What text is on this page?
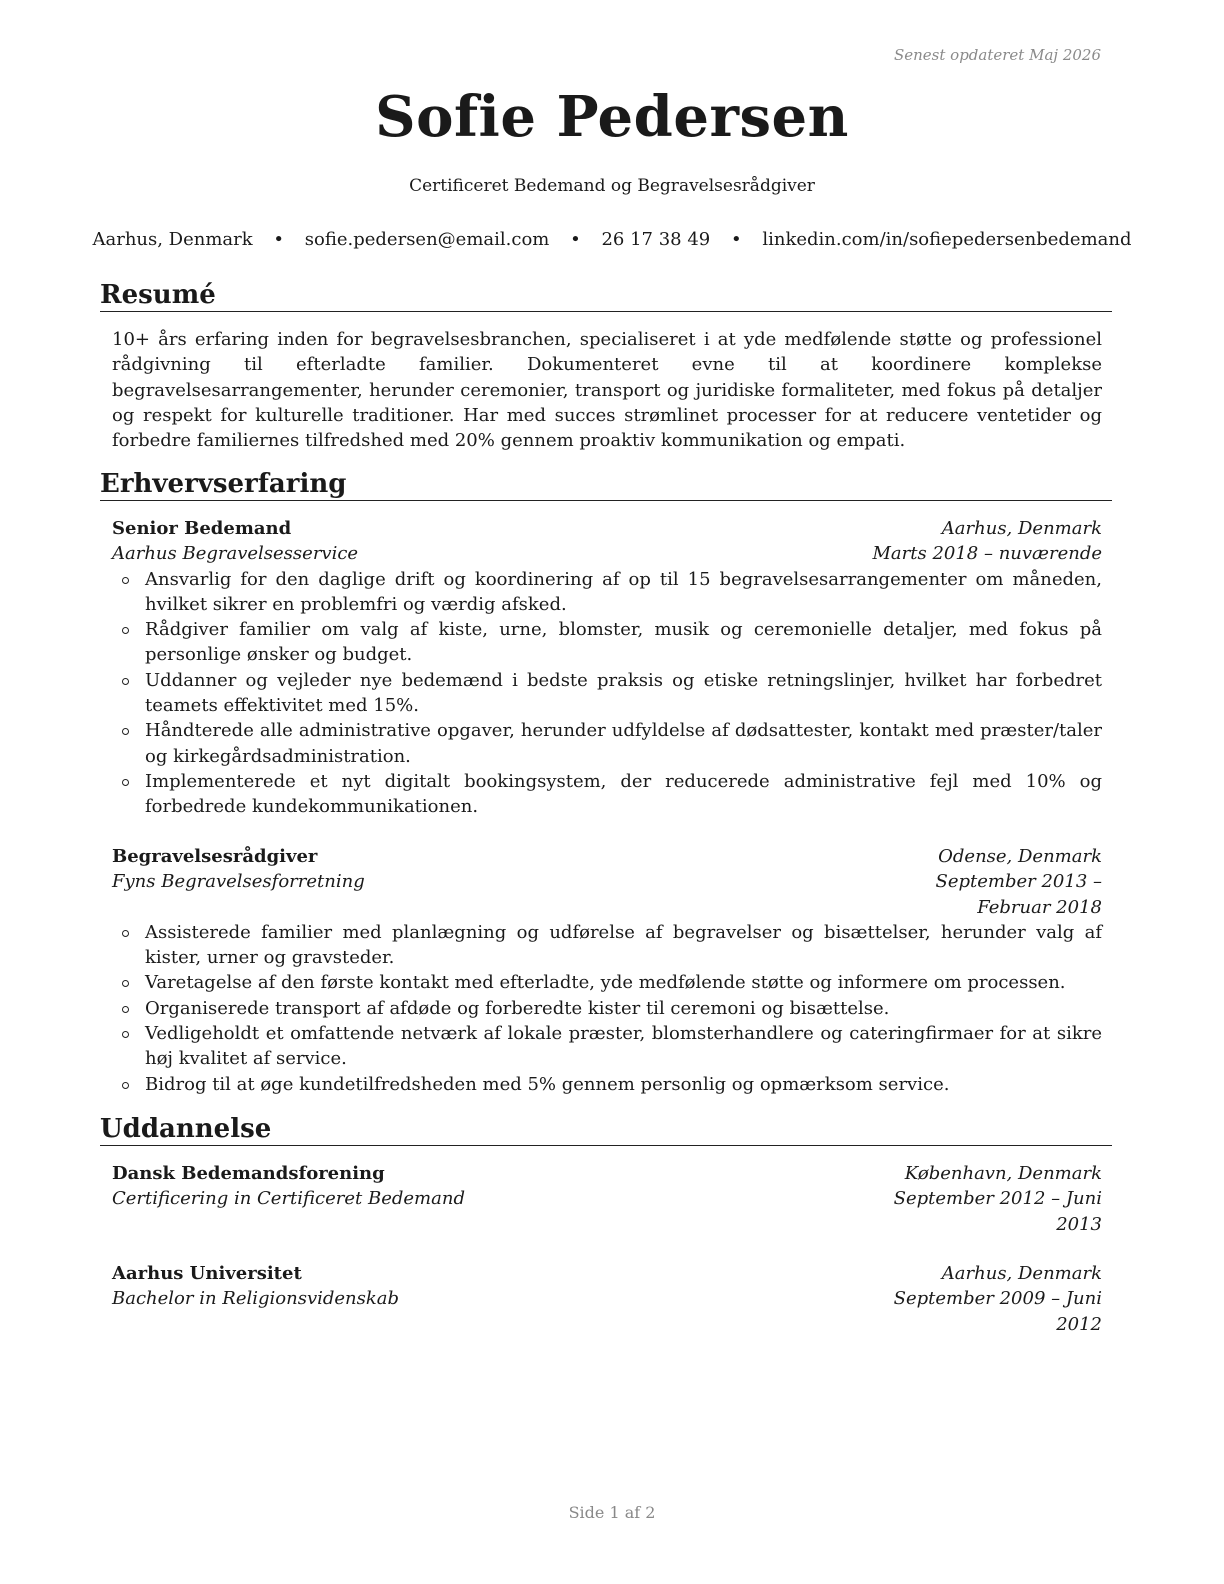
Senest opdateret Maj 2026
Sofie Pedersen
Certificeret Bedemand og Begravelsesrådgiver
Aarhus, Denmark • sofie.pedersen@email.com • 26 17 38 49 • linkedin.com/in/sofiepedersenbedemand
Resumé
10+ års erfaring inden for begravelsesbranchen, specialiseret i at yde medfølende støtte og professionel rådgivning til efterladte familier. Dokumenteret evne til at koordinere komplekse begravelsesarrangementer, herunder ceremonier, transport og juridiske formaliteter, med fokus på detaljer og respekt for kulturelle traditioner. Har med succes strømlinet processer for at reducere ventetider og forbedre familiernes tilfredshed med 20% gennem proaktiv kommunikation og empati.
Erhvervserfaring
Senior Bedemand	Aarhus, Denmark
Aarhus Begravelsesservice	Marts 2018 – nuværende
Ansvarlig for den daglige drift og koordinering af op til 15 begravelsesarrangementer om måneden, hvilket sikrer en problemfri og værdig afsked.
Rådgiver familier om valg af kiste, urne, blomster, musik og ceremonielle detaljer, med fokus på personlige ønsker og budget.
Uddanner og vejleder nye bedemænd i bedste praksis og etiske retningslinjer, hvilket har forbedret teamets effektivitet med 15%.
Håndterede alle administrative opgaver, herunder udfyldelse af dødsattester, kontakt med præster/taler og kirkegårdsadministration.
Implementerede et nyt digitalt bookingsystem, der reducerede administrative fejl med 10% og forbedrede kundekommunikationen.
Begravelsesrådgiver	Odense, Denmark
Fyns Begravelsesforretning	September 2013 – Februar 2018
Assisterede familier med planlægning og udførelse af begravelser og bisættelser, herunder valg af kister, urner og gravsteder.
Varetagelse af den første kontakt med efterladte, yde medfølende støtte og informere om processen.
Organiserede transport af afdøde og forberedte kister til ceremoni og bisættelse.
Vedligeholdt et omfattende netværk af lokale præster, blomsterhandlere og cateringfirmaer for at sikre høj kvalitet af service.
Bidrog til at øge kundetilfredsheden med 5% gennem personlig og opmærksom service.
Uddannelse
Dansk Bedemandsforening	København, Denmark
Certificering in Certificeret Bedemand	September 2012 – Juni 2013
Aarhus Universitet	Aarhus, Denmark
Bachelor in Religionsvidenskab	September 2009 – Juni 2012
Side 1 af 2
